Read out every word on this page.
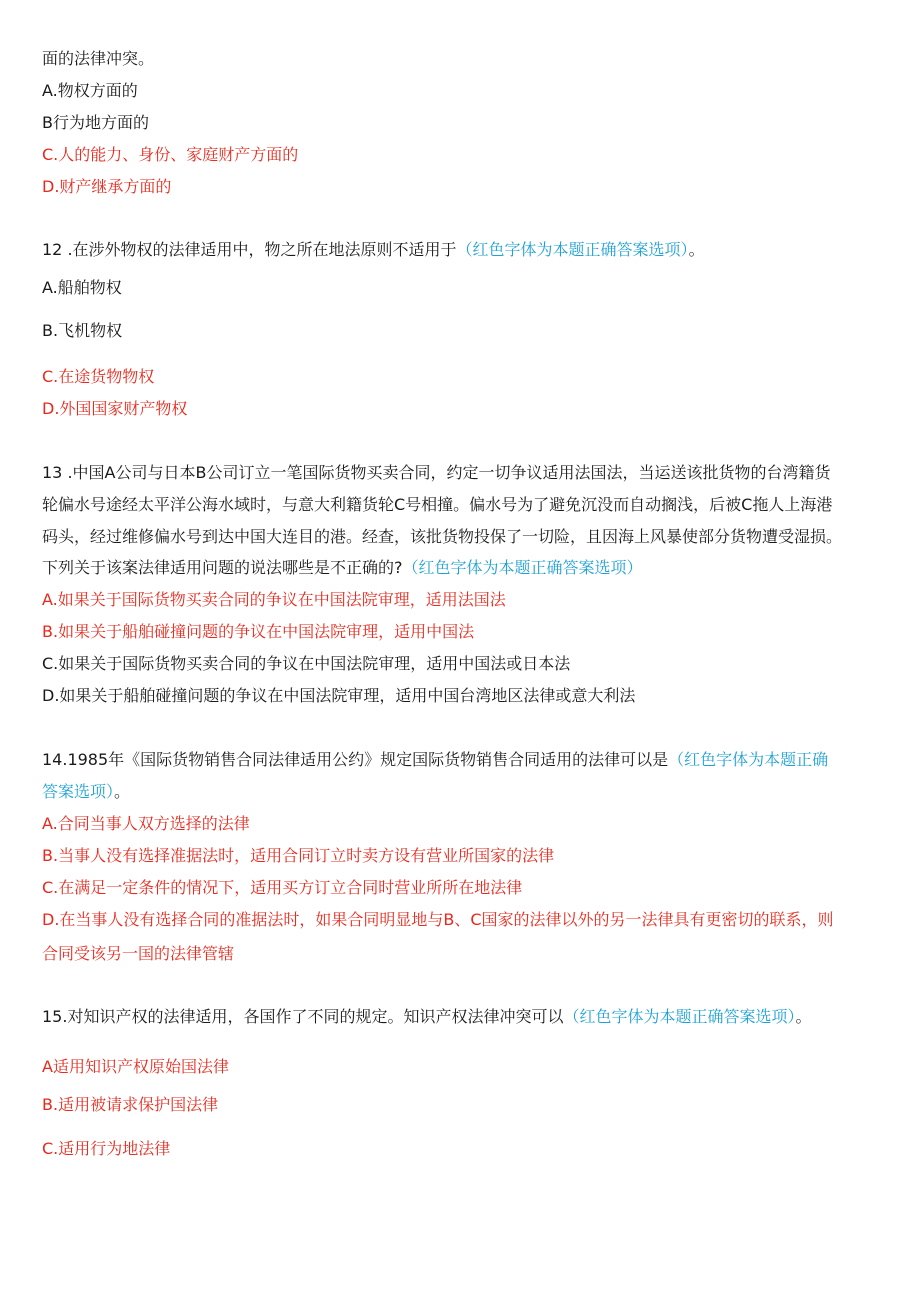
面的法律冲突。
A.物权方面的
B行为地方面的
C.人的能力、身份、家庭财产方面的
D.财产继承方面的
12 .在涉外物权的法律适用中，物之所在地法原则不适用于（红色字体为本题正确答案选项）。
A.船舶物权
B.飞机物权
C.在途货物物权
D.外国国家财产物权
13 .中国A公司与日本B公司订立一笔国际货物买卖合同，约定一切争议适用法国法，当运送该批货物的台湾籍货
轮偏水号途经太平洋公海水域时，与意大利籍货轮C号相撞。偏水号为了避免沉没而自动搁浅，后被C拖人上海港
码头，经过维修偏水号到达中国大连目的港。经查，该批货物投保了一切险，且因海上风暴使部分货物遭受湿损。
下列关于该案法律适用问题的说法哪些是不正确的?（红色字体为本题正确答案选项）
A.如果关于国际货物买卖合同的争议在中国法院审理，适用法国法
B.如果关于船舶碰撞问题的争议在中国法院审理，适用中国法
C.如果关于国际货物买卖合同的争议在中国法院审理，适用中国法或日本法
D.如果关于船舶碰撞问题的争议在中国法院审理，适用中国台湾地区法律或意大利法
14.1985年《国际货物销售合同法律适用公约》规定国际货物销售合同适用的法律可以是（红色字体为本题正确
答案选项）。
A.合同当事人双方选择的法律
B.当事人没有选择准据法时，适用合同订立时卖方设有营业所国家的法律
C.在满足一定条件的情况下，适用买方订立合同时营业所所在地法律
D.在当事人没有选择合同的准据法时，如果合同明显地与B、C国家的法律以外的另一法律具有更密切的联系，则
合同受该另一国的法律管辖
15.对知识产权的法律适用，各国作了不同的规定。知识产权法律冲突可以（红色字体为本题正确答案选项）。
A适用知识产权原始国法律
B.适用被请求保护国法律
C.适用行为地法律
